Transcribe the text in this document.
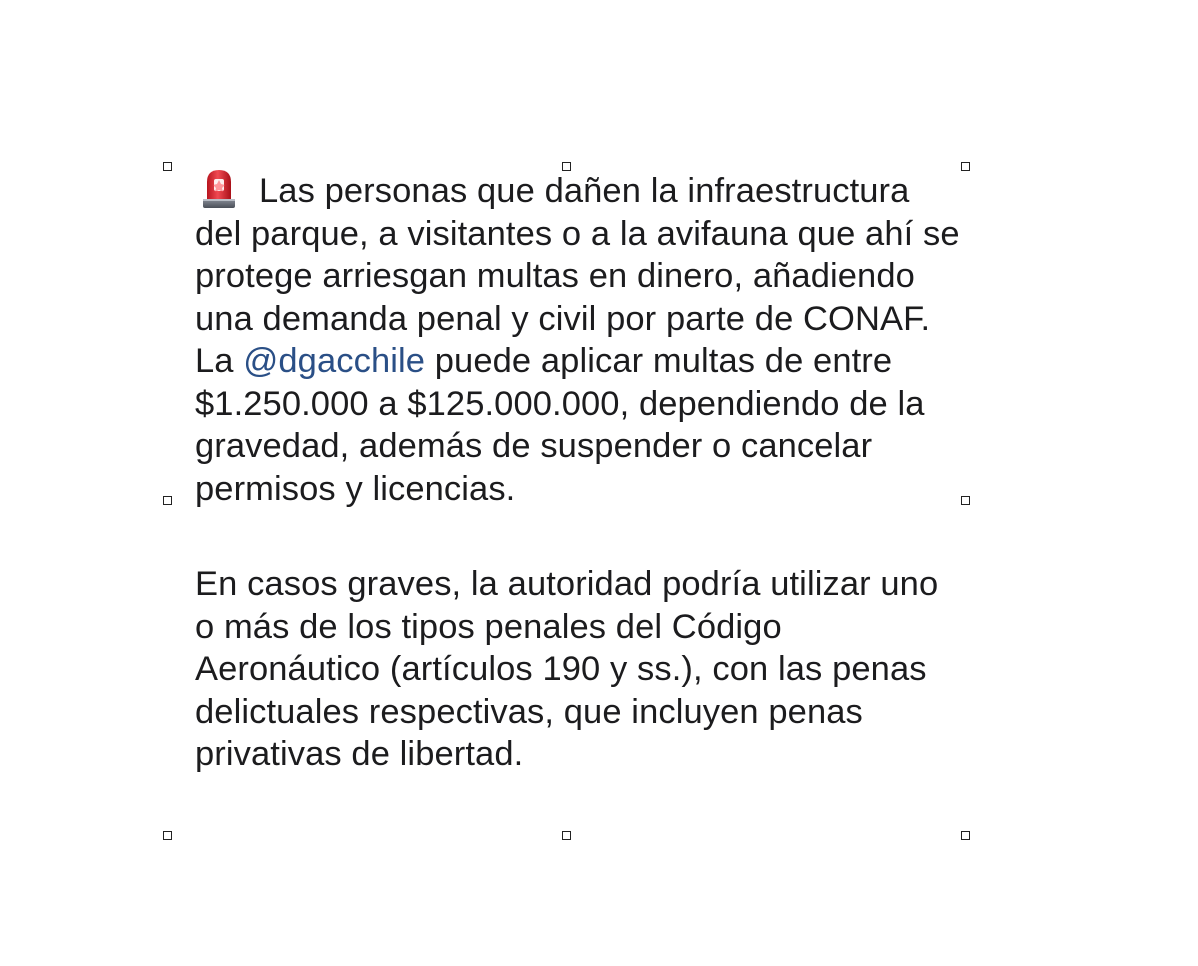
Las personas que dañen la infraestructura del parque, a visitantes o a la avifauna que ahí se protege arriesgan multas en dinero, añadiendo una demanda penal y civil por parte de CONAF. La @dgacchile puede aplicar multas de entre $1.250.000 a $125.000.000, dependiendo de la gravedad, además de suspender o cancelar permisos y licencias.

En casos graves, la autoridad podría utilizar uno o más de los tipos penales del Código Aeronáutico (artículos 190 y ss.), con las penas delictuales respectivas, que incluyen penas privativas de libertad.
